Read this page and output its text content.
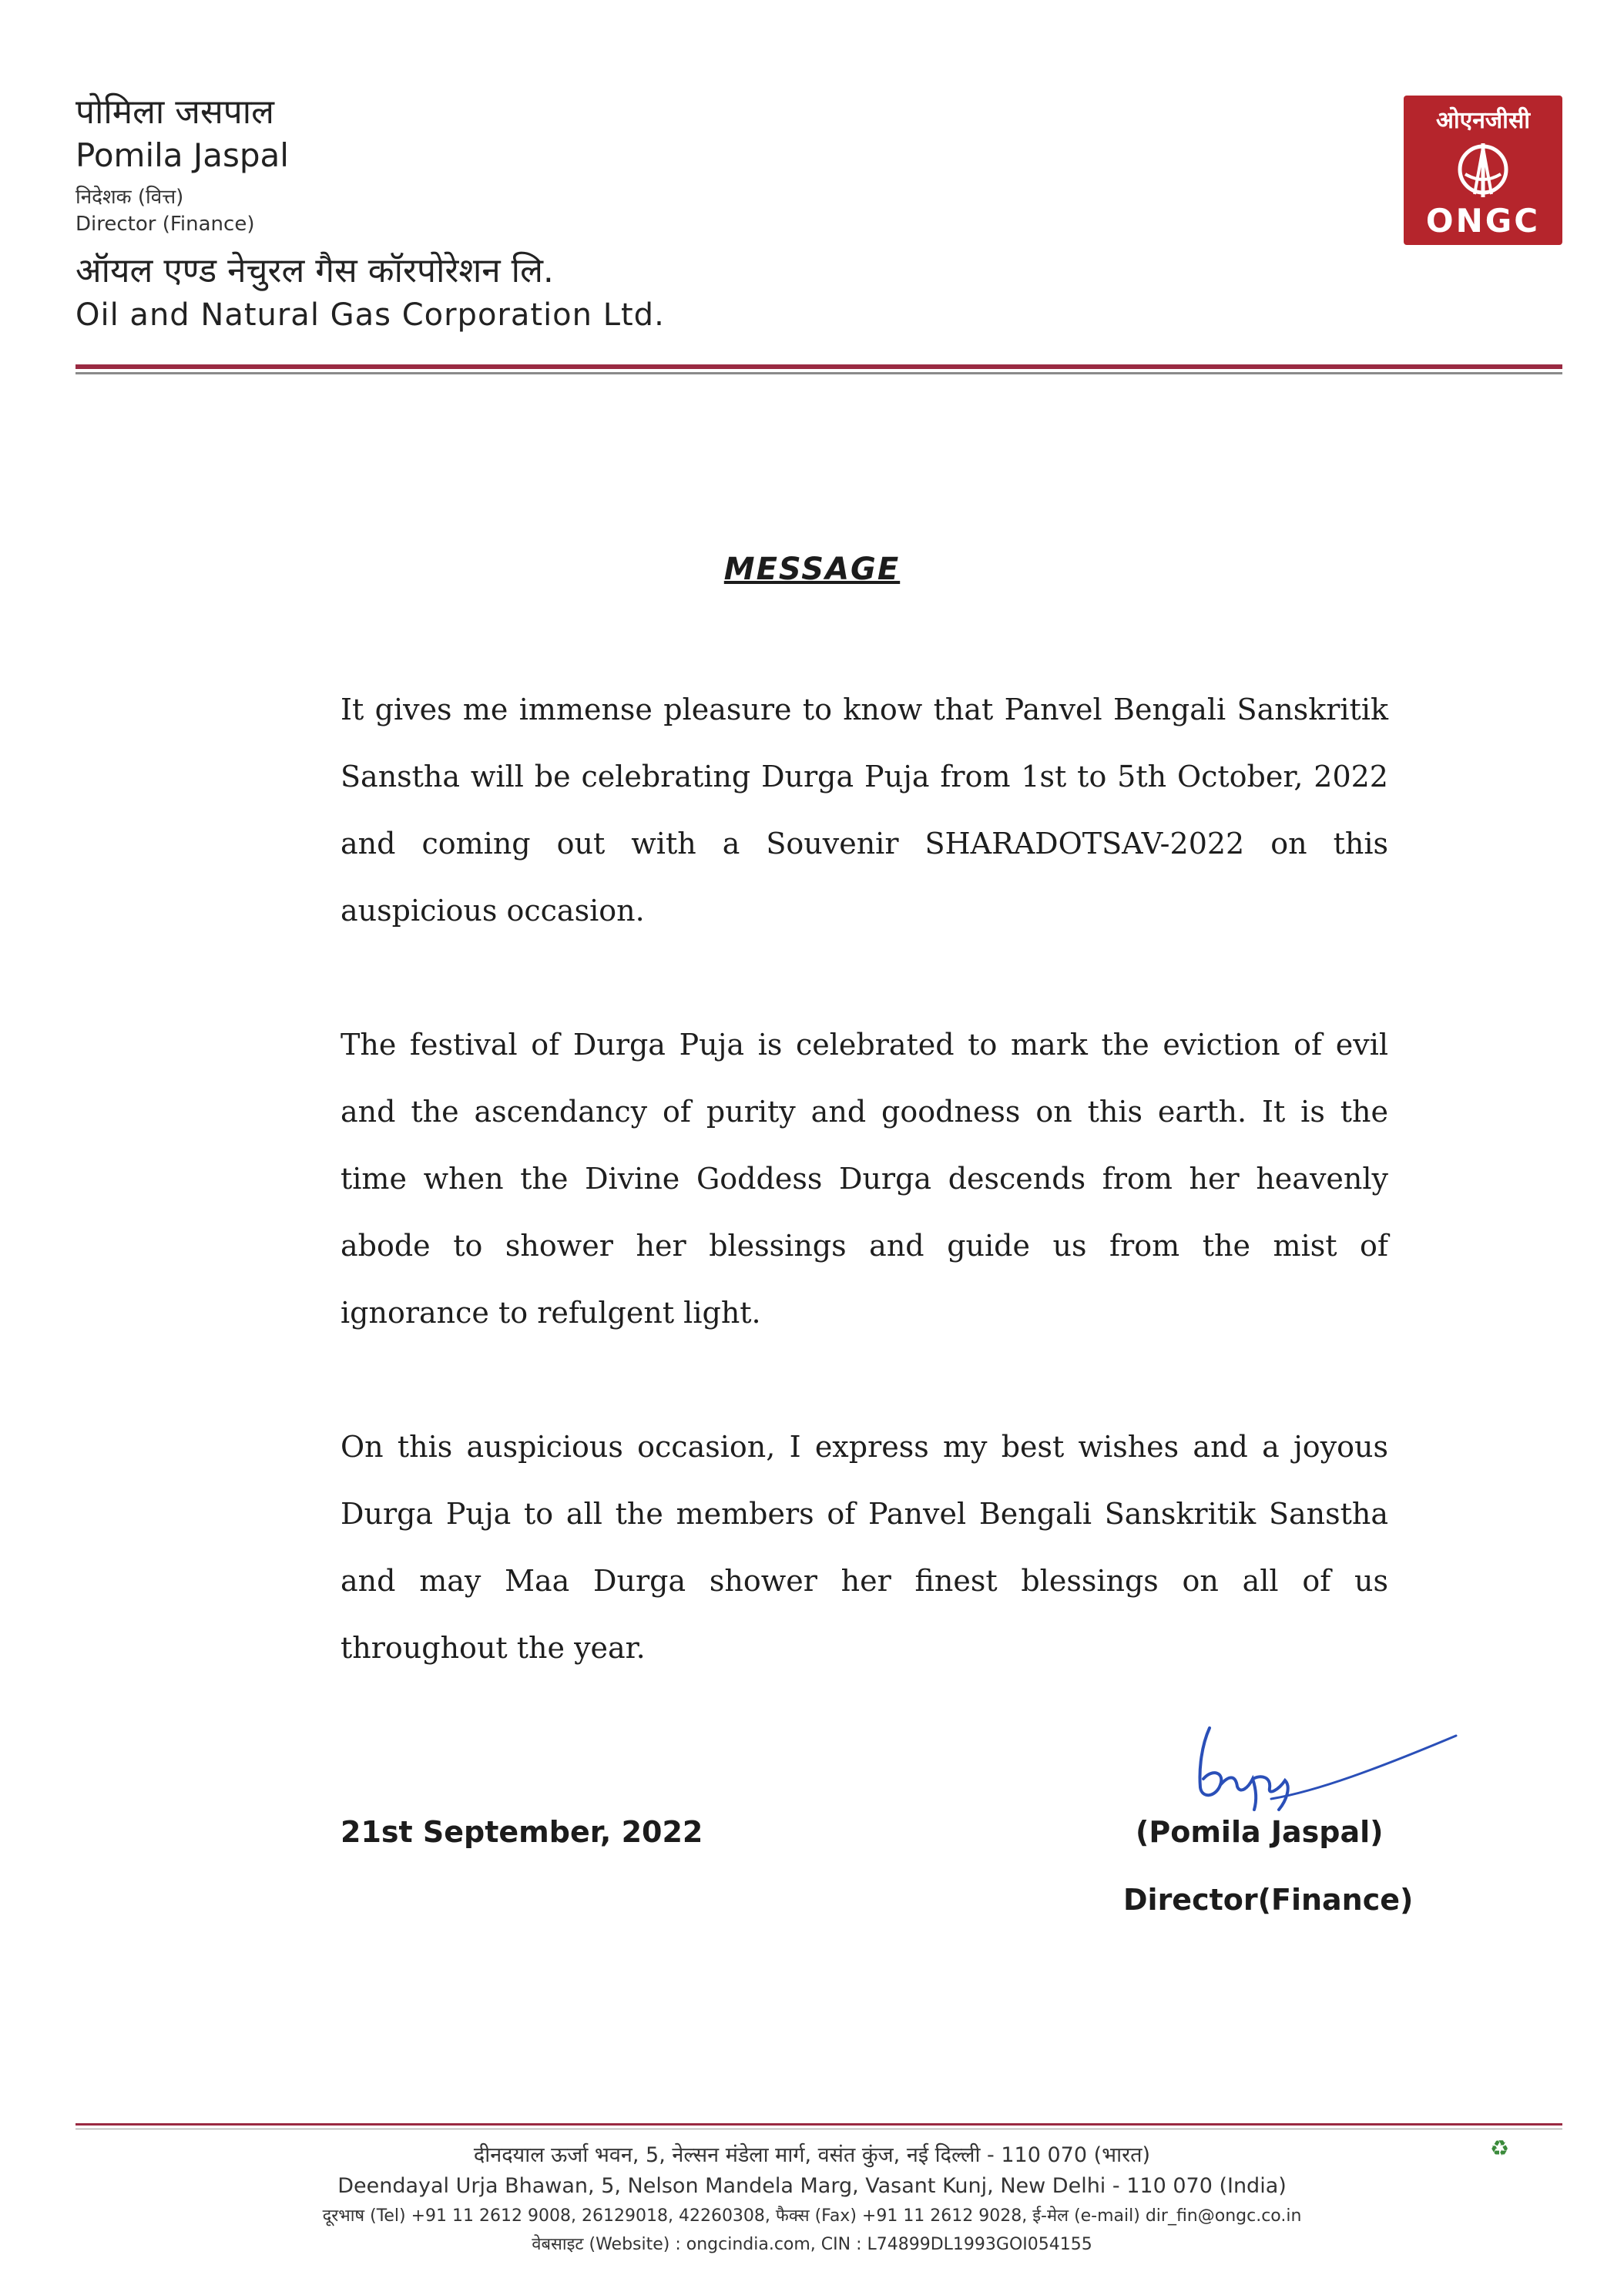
पोमिला जसपाल
Pomila Jaspal
निदेशक (वित्त)
Director (Finance)
ऑयल एण्ड नेचुरल गैस कॉरपोरेशन लि.
Oil and Natural Gas Corporation Ltd.
ओएनजीसी
ONGC
MESSAGE

It gives me immense pleasure to know that Panvel Bengali Sanskritik Sanstha will be celebrating Durga Puja from 1st to 5th October, 2022 and coming out with a Souvenir SHARADOTSAV-2022 on this auspicious occasion.

The festival of Durga Puja is celebrated to mark the eviction of evil and the ascendancy of purity and goodness on this earth. It is the time when the Divine Goddess Durga descends from her heavenly abode to shower her blessings and guide us from the mist of ignorance to refulgent light.

On this auspicious occasion, I express my best wishes and a joyous Durga Puja to all the members of Panvel Bengali Sanskritik Sanstha and may Maa Durga shower her finest blessings on all of us throughout the year.

21st September, 2022	(Pomila Jaspal)
Director(Finance)
♻
दीनदयाल ऊर्जा भवन, 5, नेल्सन मंडेला मार्ग, वसंत कुंज, नई दिल्ली - 110 070 (भारत)
Deendayal Urja Bhawan, 5, Nelson Mandela Marg, Vasant Kunj, New Delhi - 110 070 (India)
दूरभाष (Tel) +91 11 2612 9008, 26129018, 42260308, फैक्स (Fax) +91 11 2612 9028, ई-मेल (e-mail) dir_fin@ongc.co.in
वेबसाइट (Website) : ongcindia.com, CIN : L74899DL1993GOI054155
